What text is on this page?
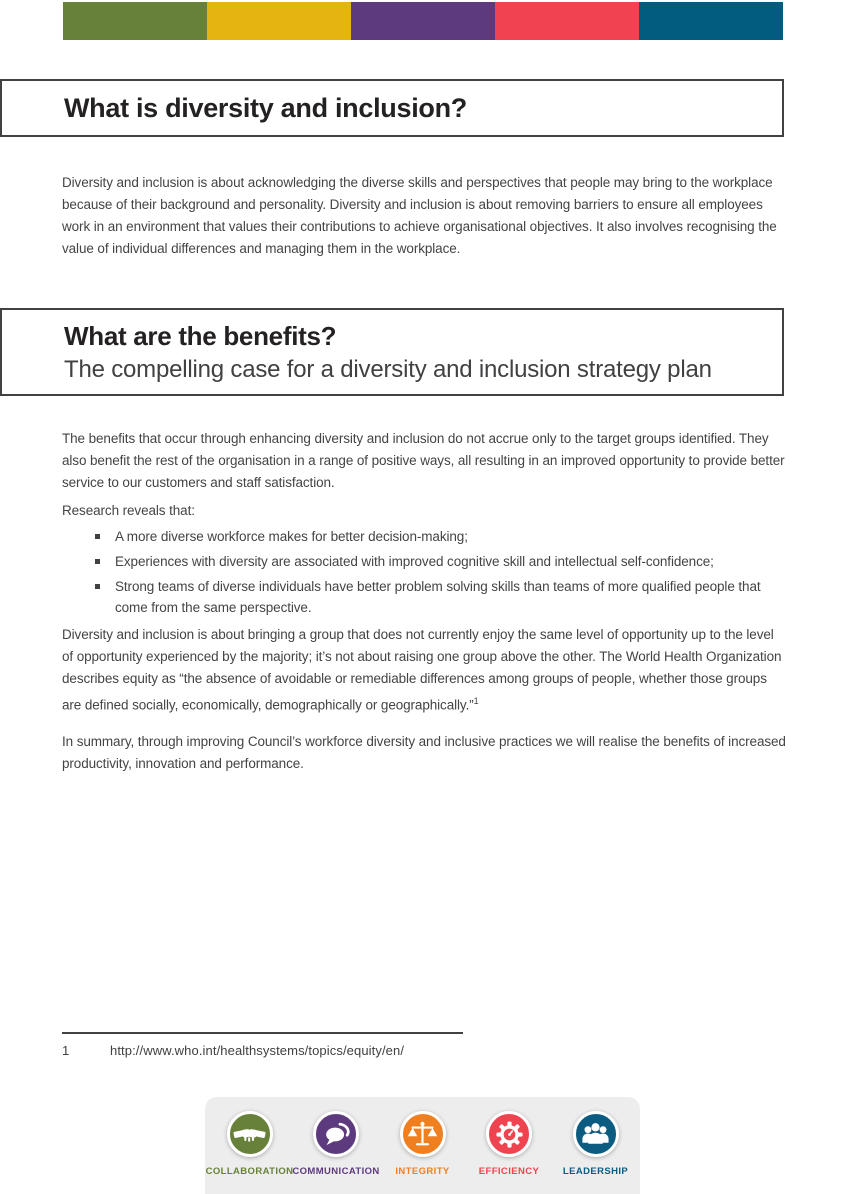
What is diversity and inclusion?
What are the benefits?
The compelling case for a diversity and inclusion strategy plan

Diversity and inclusion is about acknowledging the diverse skills and perspectives that people may bring to the workplace because of their background and personality. Diversity and inclusion is about removing barriers to ensure all employees work in an environment that values their contributions to achieve organisational objectives. It also involves recognising the value of individual differences and managing them in the workplace.

The benefits that occur through enhancing diversity and inclusion do not accrue only to the target groups identified. They also benefit the rest of the organisation in a range of positive ways, all resulting in an improved opportunity to provide better service to our customers and staff satisfaction.

Research reveals that:

A more diverse workforce makes for better decision-making;
Experiences with diversity are associated with improved cognitive skill and intellectual self-confidence;
Strong teams of diverse individuals have better problem solving skills than teams of more qualified people that come from the same perspective.

Diversity and inclusion is about bringing a group that does not currently enjoy the same level of opportunity up to the level of opportunity experienced by the majority; it’s not about raising one group above the other. The World Health Organization describes equity as “the absence of avoidable or remediable differences among groups of people, whether those groups are defined socially, economically, demographically or geographically.”$^1$

In summary, through improving Council’s workforce diversity and inclusive practices we will realise the benefits of increased productivity, innovation and performance.

1	http://www.who.int/healthsystems/topics/equity/en/
COLLABORATION
COMMUNICATION INTEGRITY	EFFICIENCY LEADERSHIP
